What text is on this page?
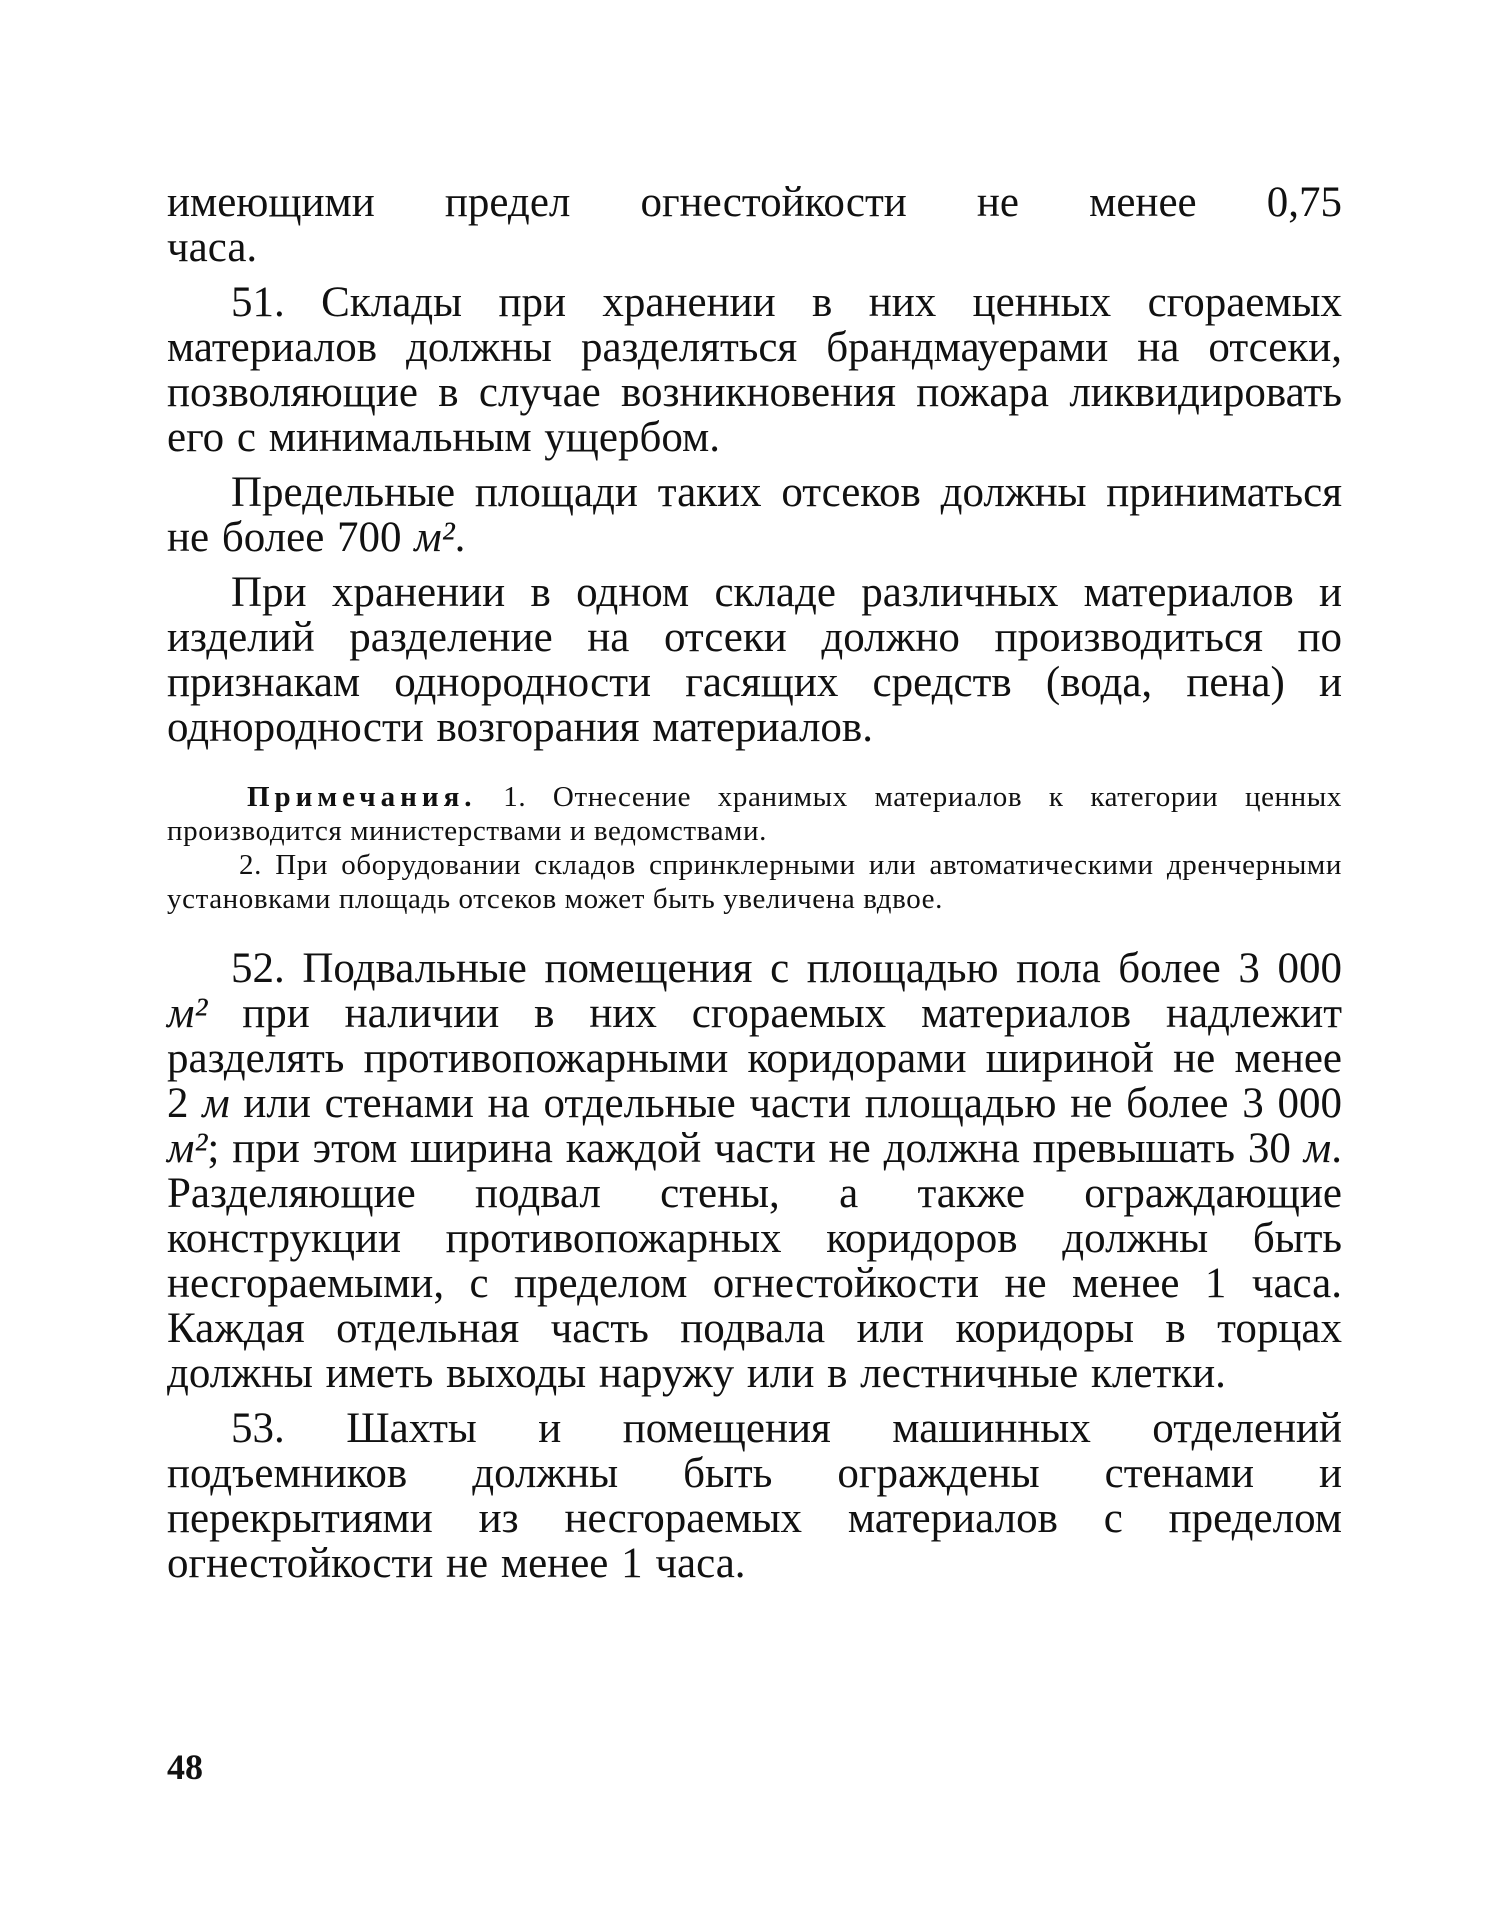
имеющими предел огнестойкости не менее 0,75

часа.

51. Склады при хранении в них ценных сгораемых материалов должны разделяться брандмауерами на отсеки, позволяющие в случае возникновения пожара ликвидировать его с минимальным ущербом.

Предельные площади таких отсеков должны приниматься не более 700 м².

При хранении в одном складе различных материалов и изделий разделение на отсеки должно производиться по признакам однородности гасящих средств (вода, пена) и однородности возгорания материалов.

Примечания. 1. Отнесение хранимых материалов к категории ценных производится министерствами и ведомствами.

2. При оборудовании складов спринклерными или автоматическими дренчерными установками площадь отсеков может быть увеличена вдвое.

52. Подвальные помещения с площадью пола более 3 000 м² при наличии в них сгораемых материалов надлежит разделять противопожарными коридорами шириной не менее 2 м или стенами на отдельные части площадью не более 3 000 м²; при этом ширина каждой части не должна превышать 30 м. Разделяющие подвал стены, а также ограждающие конструкции противопожарных коридоров должны быть несгораемыми, с пределом огнестойкости не менее 1 часа. Каждая отдельная часть подвала или коридоры в торцах должны иметь выходы наружу или в лестничные клетки.

53. Шахты и помещения машинных отделений подъемников должны быть ограждены стенами и перекрытиями из несгораемых материалов с пределом огнестойкости не менее 1 часа.

48
